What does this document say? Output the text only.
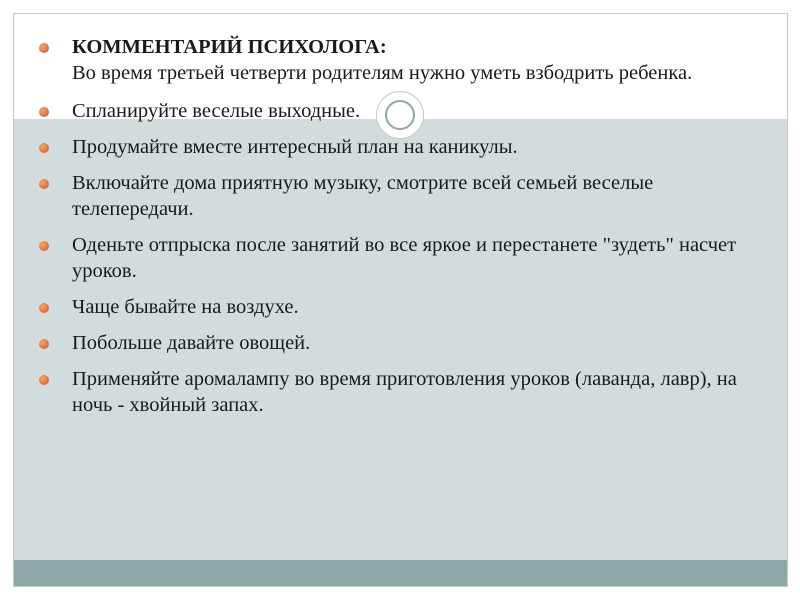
КОММЕНТАРИЙ ПСИХОЛОГА:
Во время третьей четверти родителям нужно уметь взбодрить ребенка.
Спланируйте веселые выходные.
Продумайте вместе интересный план на каникулы.
Включайте дома приятную музыку, смотрите всей семьей веселые телепередачи.
Оденьте отпрыска после занятий во все яркое и перестанете "зудеть" насчет уроков.
Чаще бывайте на воздухе.
Побольше давайте овощей.
Применяйте аромалампу во время приготовления уроков (лаванда, лавр), на ночь - хвойный запах.
